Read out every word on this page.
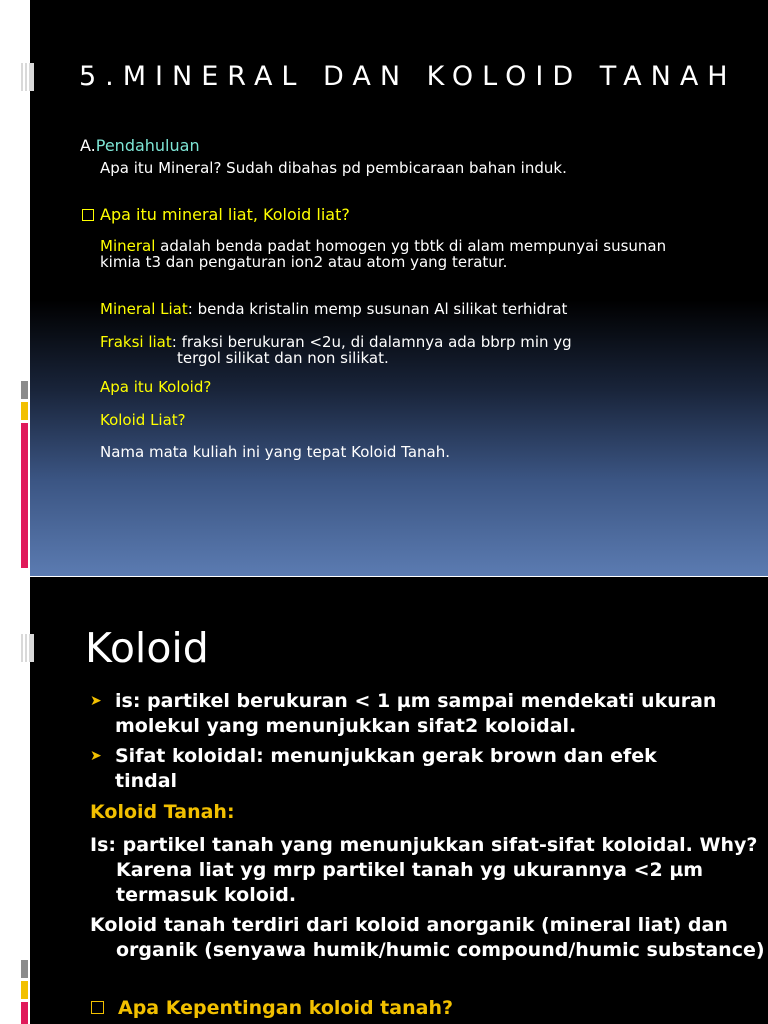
5.MINERAL DAN KOLOID TANAH
A.Pendahuluan
Apa itu Mineral? Sudah dibahas pd pembicaraan bahan induk.
Apa itu mineral liat, Koloid liat?
Mineral adalah benda padat homogen yg tbtk di alam mempunyai susunan kimia t3 dan pengaturan ion2 atau atom yang teratur.
Mineral Liat: benda kristalin memp susunan Al silikat terhidrat
Fraksi liat: fraksi berukuran <2u, di dalamnya ada bbrp min yg
tergol silikat dan non silikat.
Apa itu Koloid?
Koloid Liat?
Nama mata kuliah ini yang tepat Koloid Tanah.
Koloid
➤ is: partikel berukuran < 1 µm sampai mendekati ukuran molekul yang menunjukkan sifat2 koloidal.
➤ Sifat koloidal: menunjukkan gerak brown dan efek tindal
Koloid Tanah:
Is: partikel tanah yang menunjukkan sifat-sifat koloidal. Why? Karena liat yg mrp partikel tanah yg ukurannya <2 µm termasuk koloid.
Koloid tanah terdiri dari koloid anorganik (mineral liat) dan organik (senyawa humik/humic compound/humic substance)
Apa Kepentingan koloid tanah?
